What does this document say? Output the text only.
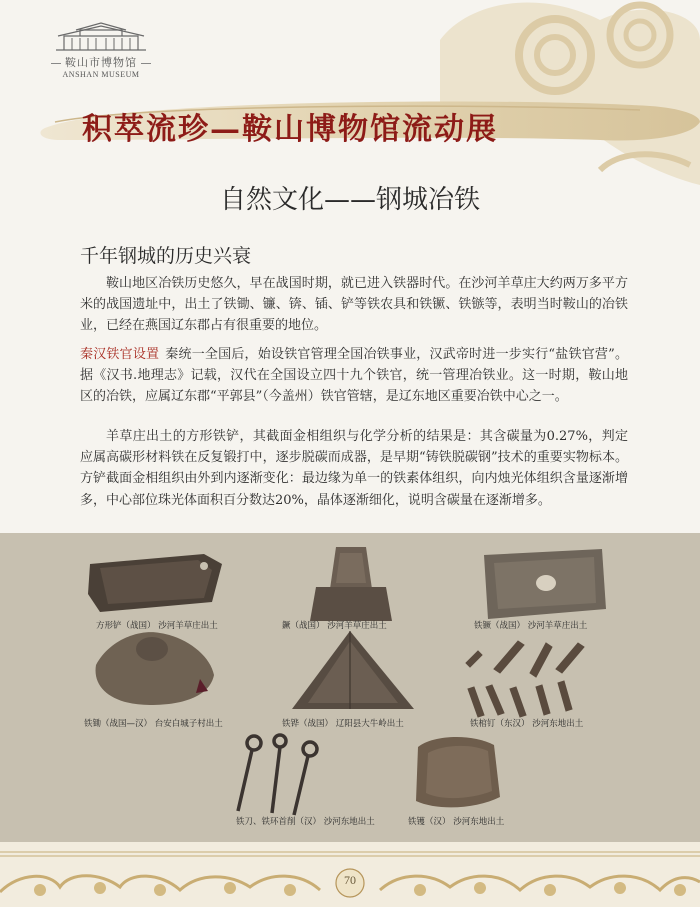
鞍山市博物馆
ANSHAN MUSEUM
积萃流珍—鞍山博物馆流动展
自然文化——钢城冶铁
千年钢城的历史兴衰

鞍山地区冶铁历史悠久，早在战国时期，就已进入铁器时代。在沙河羊草庄大约两万多平方米的战国遗址中，出土了铁锄、镰、锛、锸、铲等铁农具和铁镢、铁镞等，表明当时鞍山的冶铁业，已经在燕国辽东郡占有很重要的地位。

秦汉铁官设置 秦统一全国后，始设铁官管理全国冶铁事业，汉武帝时进一步实行“盐铁官营”。据《汉书.地理志》记载，汉代在全国设立四十九个铁官，统一管理冶铁业。这一时期，鞍山地区的冶铁，应属辽东郡“平郭县”（今盖州）铁官管辖，是辽东地区重要冶铁中心之一。

羊草庄出土的方形铁铲，其截面金相组织与化学分析的结果是：其含碳量为0.27%，判定应属高碳形材料铁在反复锻打中，逐步脱碳而成器，是早期“铸铁脱碳钢”技术的重要实物标本。方铲截面金相组织由外到内逐渐变化：最边缘为单一的铁素体组织，向内烛光体组织含量逐渐增多，中心部位珠光体面积百分数达20%，晶体逐渐细化，说明含碳量在逐渐增多。

方形铲（战国） 沙河羊草庄出土	鐝（战国） 沙河羊草庄出土	铁镢（战国） 沙河羊草庄出土
铁锄（战国—汉） 台安白城子村出土	铁铧（战国） 辽阳县大牛岭出土	铁棺钉（东汉） 沙河东地出土
铁刀、铁环首削（汉） 沙河东地出土	铁镬（汉） 沙河东地出土
70
